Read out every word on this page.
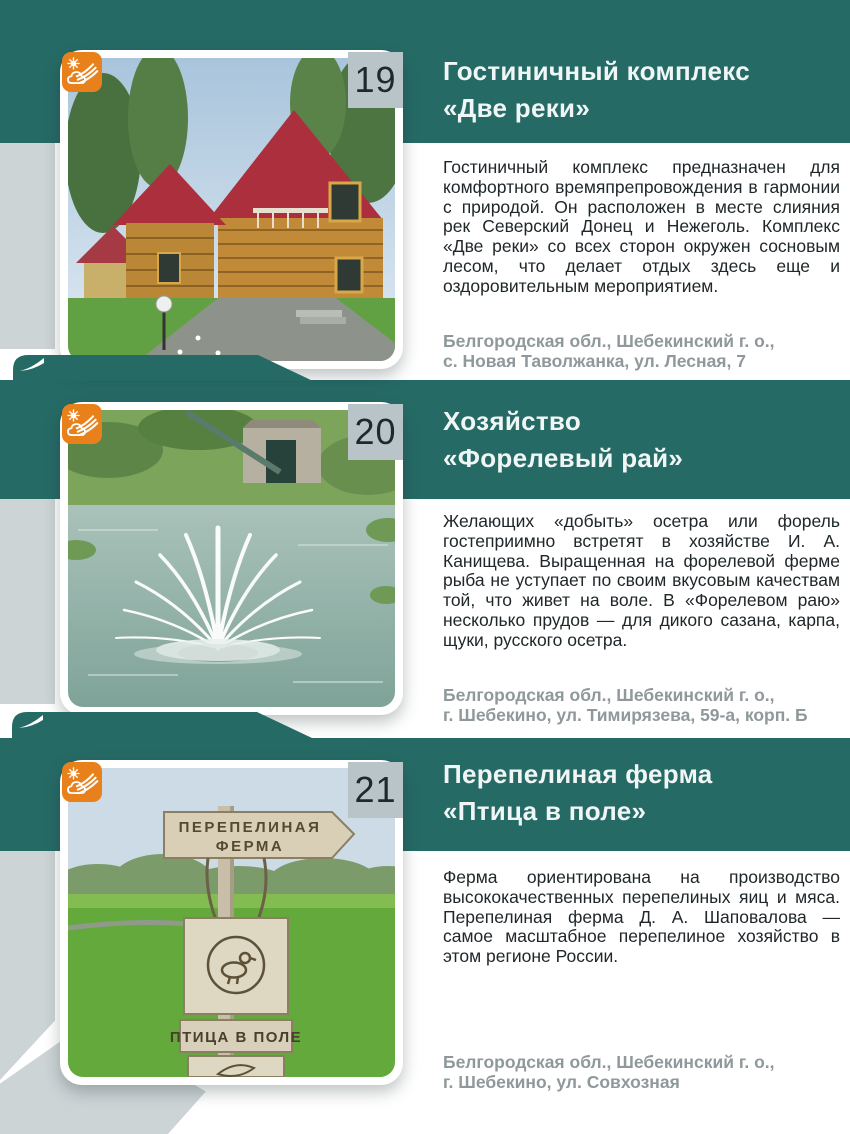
19 Гостиничный комплекс
«Две реки»

Гостиничный комплекс предназначен для комфортного времяпрепровождения в гармонии с природой. Он расположен в месте слияния рек Северский Донец и Нежеголь. Комплекс «Две реки» со всех сторон окружен сосновым лесом, что делает отдых здесь еще и оздоровительным мероприятием.

Белгородская обл., Шебекинский г. о.,
с. Новая Таволжанка, ул. Лесная, 7

20 Хозяйство
«Форелевый рай»

Желающих «добыть» осетра или форель гостеприимно встретят в хозяйстве И. А. Канищева. Выращенная на форелевой ферме рыба не уступает по своим вкусовым качествам той, что живет на воле. В «Форелевом раю» несколько прудов — для дикого сазана, карпа, щуки, русского осетра.

Белгородская обл., Шебекинский г. о.,
г. Шебекино, ул. Тимирязева, 59-а, корп. Б

ПЕРЕПЕЛИНАЯ
ФЕРМА
ПТИЦА В ПОЛЕ
21 Перепелиная ферма
«Птица в поле»

Ферма ориентирована на производство высококачественных перепелиных яиц и мяса. Перепелиная ферма Д. А. Шаповалова — самое масштабное перепелиное хозяйство в этом регионе России.

Белгородская обл., Шебекинский г. о.,
г. Шебекино, ул. Совхозная
